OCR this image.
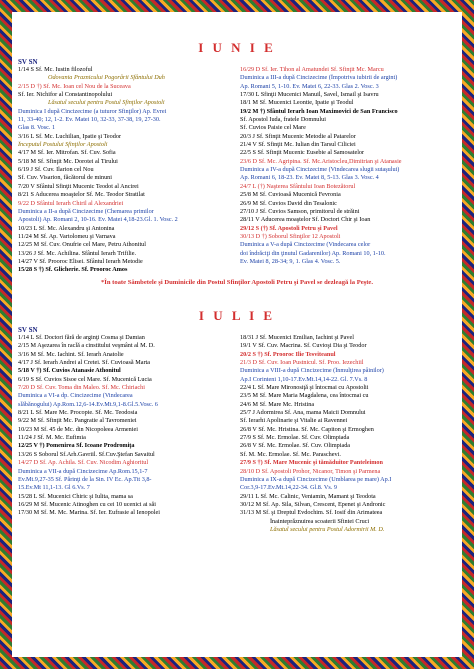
I U N I E
SV SN
1/14 S Sf. Mc. Iustin filozoful
Odovania Praznicului Pogorârii Sfântului Duh
2/15 D †) Sf. Mc. Ioan cel Nou de la Suceava
Sf. Ier. Nichifor al Constantinopolului
Lăsatul secului pentru Postul Sfinţilor Apostoli
Duminica I după Cincizecime (a tuturor Sfinţilor) Ap. Evrei
11, 33-40; 12, 1-2. Ev. Matei 10, 32-33, 37-38, 19, 27-30.
Glas 8. Vosc. 1
3/16 L Sf. Mc. Luchilian, Ipatie şi Teodor
Începutul Postului Sfinţilor Apostoli
4/17 M Sf. Ier. Mitrofan. Sf. Cuv. Sofia
5/18 M Sf. Sfinţit Mc. Dorotei al Tirului
6/19 J Sf. Cuv. Ilarion cel Nou
Sf. Cuv. Visarion, făcătorul de minuni
7/20 V Sfântul Sfinţit Mucenic Teodot al Ancirei
8/21 S Aducerea moaştelor Sf. Mc. Teodor Stratilat
9/22 D Sfântul Ierarh Chiril al Alexandriei
Duminica a II-a după Cincizecime (Chemarea primilor
Apostoli) Ap. Romani 2, 10-16. Ev. Matei 4,18-23.Gl. 1. Vosc. 2
10/23 L Sf. Mc. Alexandru şi Antonina
11/24 M Sf. Ap. Vartolomeu şi Varnava
12/25 M Sf. Cuv. Onufrie cel Mare, Petru Athonitul
13/26 J Sf. Mc. Achilina. Sfântul Ierarh Trifilie.
14/27 V Sf. Prooroc Elisei. Sfântul Ierarh Metodie
15/28 S †) Sf. Glicherie. Sf. Prooroc Amos
16/29 D Sf. Ier. Tihon al Amatundei Sf. Sfinţit Mc. Marcu
Duminica a III-a după Cincizecime (Împotriva iubirii de argint)
Ap. Romani 5, 1-10. Ev. Matei 6, 22-33. Glas 2. Vosc. 3
17/30 L Sfinţii Mucenici Manuil, Savel, Ismail şi Isavru
18/1 M Sf. Mucenici Leontie, Ipatie şi Teodul
19/2 M †) Sfântul Ierarh Ioan Maximovici de San Francisco
Sf. Apostol Iuda, fratele Domnului
Sf. Cuvios Paisie cel Mare
20/3 J Sf. Sfinţit Mucenic Metodie al Patarelor
21/4 V Sf. Sfinţit Mc. Iulian din Tarsul Ciliciei
22/5 S Sf. Sfinţit Mucenic Eusebie al Samosatelor
23/6 D Sf. Mc. Agripina. Sf. Mc.Aristocleu,Dimitrian şi Atanasie
Duminica a IV-a după Cincizecime (Vindecarea slugii sutaşului)
Ap. Romani 6, 18-23. Ev. Matei 8, 5-13. Glas 3. Vosc. 4
24/7 L (†) Naşterea Sfântului Ioan Botezătorul
25/8 M Sf. Cuvioasă Mucenică Fevronia
26/9 M Sf. Cuvios David din Tesalonic
27/10 J Sf. Cuvios Samson, primitorul de străini
28/11 V Aducerea moaştelor Sf. Doctori Chir şi Ioan
29/12 S (†) Sf. Apostoli Petru şi Pavel
30/13 D †) Soborul Sfinţilor 12 Apostoli
Duminica a V-a după Cincizecime (Vindecarea celor
doi îndrăciţi din ţinutul Gadarenilor) Ap. Romani 10, 1-10.
Ev. Matei 8, 28-34; 9, 1. Glas 4. Vosc. 5.
*În toate Sâmbetele şi Duminicile din Postul Sfinţilor Apostoli Petru şi Pavel se dezleagă la Peşte.
I U L I E
SV SN
1/14 L Sf. Doctori fără de arginţi Cosma şi Damian
2/15 M Aşezarea în raclă a cinstitului veşmânt al M. D.
3/16 M Sf. Mc. Iachint. Sf. Ierarh Anatolie
4/17 J Sf. Ierarh Andrei al Cretei. Sf. Cuvioasă Marta
5/18 V †) Sf. Cuvios Atanasie Athonitul
6/19 S Sf. Cuvios Sisoe cel Mare. Sf. Mucenică Lucia
7/20 D Sf. Cuv. Toma din Maleo. Sf. Mc. Chiriachi
Duminica a VI-a dp. Cincizecime (Vindecarea
slăbănogului) Ap.Rom.12,6-14.Ev.Mt.9,1-8.Gl.5.Vosc. 6
8/21 L Sf. Mare Mc. Procopie. Sf. Mc. Teodosia
9/22 M Sf. Sfinţit Mc. Pangratie al Tavromeniei
10/23 M Sf. 45 de Mc. din Nicopoleea Armeniei
11/24 J Sf. M. Mc. Eufimia
12/25 V †) Pomenirea Sf. Icoane Prodromiţa
13/26 S Soborul Sf.Arh.Gavriil. Sf.Cuv.Ştefan Savaitul
14/27 D Sf. Ap. Achila. Sf. Cuv. Nicodim Aghioritul
Duminica a VII-a după Cincizecime Ap.Rom.15,1-7
Ev.Mt.9,27-35 Sf. Părinţi de la Sin. IV Ec. Ap.Tit 3,8-
15.Ev.Mt 11,1-13. Gl 6.Vs. 7
15/28 L Sf. Mucenici Chiric şi Iulita, mama sa
16/29 M Sf. Mucenic Atinoghen cu cei 10 ucenici ai săi
17/30 M Sf. M. Mc. Marina. Sf. Ier. Eufrasie al Ienopolei
18/31 J Sf. Mucenici Emilian, Iachint şi Pavel
19/1 V Sf. Cuv. Macrina. Sf. Cuvioşi Dia şi Teodor
20/2 S †) Sf. Prooroc Ilie Tesviteanul
21/3 D Sf. Cuv. Ioan Pustnicul. Sf. Proo. Iezechiil
Duminica a VIII-a după Cincizecime (Înmulţirea pâinilor)
Ap.I Corinteni 1,10-17.Ev.Mt.14,14-22. Gl. 7.Vs. 8
22/4 L Sf. Mare Mironosiţă şi întocmai cu Apostolii
23/5 M Sf. Mare Maria Magdalena, cea întocmai cu
24/6 M Sf. Mare Mc. Hristina
25/7 J Adormirea Sf. Ana, mama Maicii Domnului
Sf. Ierarhi Apolinarie şi Vitalie ai Ravennei
26/8 V Sf. Mc. Hristina. Sf. Mc. Capiton şi Ermoghen
27/9 S Sf. Mc. Ermolae. Sf. Cuv. Olimpiada
26/8 V Sf. Mc. Ermolae. Sf. Cuv. Olimpiada
Sf. M. Mc. Ermolae. Sf. Mc. Paraschevi.
27/9 S †) Sf. Mare Mucenic şi tămăduitor Panteleimon
28/10 D Sf. Apostoli Prohor, Nicanor, Timon şi Parmena
Duminica a IX-a după Cincizecime (Umblarea pe mare) Ap.I
Cor.3,9-17.Ev.Mt.14,22-34. Gl.8. Vs. 9
29/11 L Sf. Mc. Calinic, Veniamin, Mamant şi Teodota
30/12 M Sf. Ap. Sila, Silvan, Crescent, Epenet şi Andronic
31/13 M Sf. şi Dreptul Evdochim. Sf. Iosif din Arimateea
Înainteprăznuirea scoaterii Sfintei Cruci
Lăsatul secului pentru Postul Adormirii M. D.
